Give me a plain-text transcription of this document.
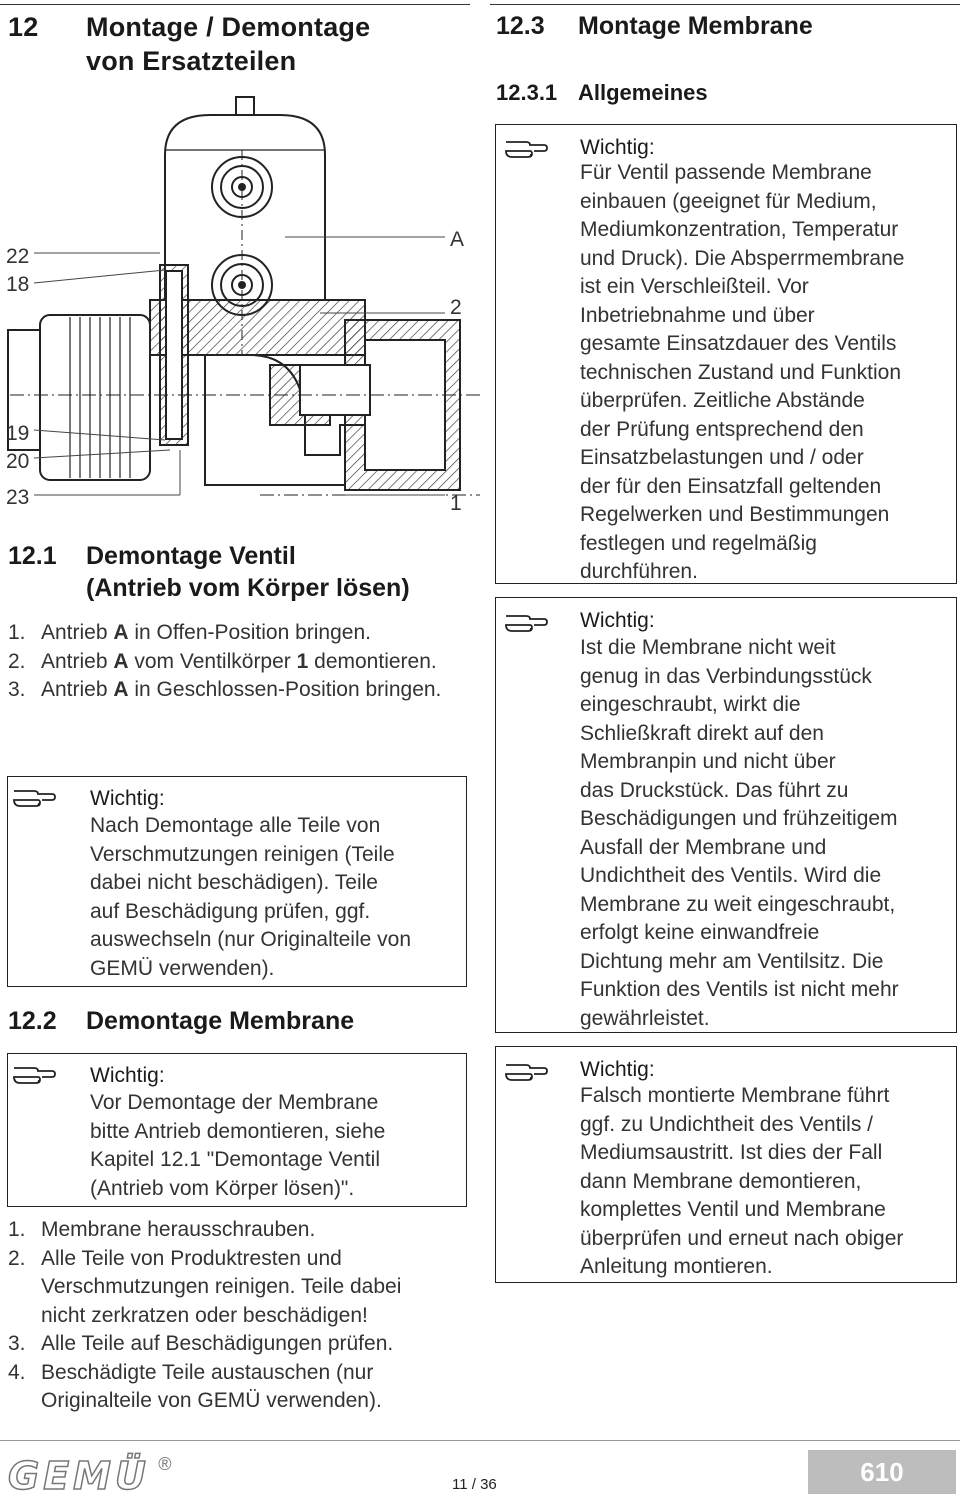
12 Montage / Demontage
von Ersatzteilen
22
18
19
20
23
A
2
1
12.1 Demontage Ventil
(Antrieb vom Körper lösen)
1. Antrieb A in Offen-Position bringen.
2. Antrieb A vom Ventilkörper 1 demontieren.
3. Antrieb A in Geschlossen-Position bringen.
Wichtig:
Nach Demontage alle Teile von
Verschmutzungen reinigen (Teile
dabei nicht beschädigen). Teile
auf Beschädigung prüfen, ggf.
auswechseln (nur Originalteile von
GEMÜ verwenden).
12.2 Demontage Membrane
Wichtig:
Vor Demontage der Membrane
bitte Antrieb demontieren, siehe
Kapitel 12.1 "Demontage Ventil
(Antrieb vom Körper lösen)".
1. Membrane herausschrauben.
2. Alle Teile von Produktresten und
Verschmutzungen reinigen. Teile dabei
nicht zerkratzen oder beschädigen!
3. Alle Teile auf Beschädigungen prüfen.
4. Beschädigte Teile austauschen (nur
Originalteile von GEMÜ verwenden).
12.3 Montage Membrane
12.3.1 Allgemeines
Wichtig:
Für Ventil passende Membrane
einbauen (geeignet für Medium,
Mediumkonzentration, Temperatur
und Druck). Die Absperrmembrane
ist ein Verschleißteil. Vor
Inbetriebnahme und über
gesamte Einsatzdauer des Ventils
technischen Zustand und Funktion
überprüfen. Zeitliche Abstände
der Prüfung entsprechend den
Einsatzbelastungen und / oder
der für den Einsatzfall geltenden
Regelwerken und Bestimmungen
festlegen und regelmäßig
durchführen.
Wichtig:
Ist die Membrane nicht weit
genug in das Verbindungsstück
eingeschraubt, wirkt die
Schließkraft direkt auf den
Membranpin und nicht über
das Druckstück. Das führt zu
Beschädigungen und frühzeitigem
Ausfall der Membrane und
Undichtheit des Ventils. Wird die
Membrane zu weit eingeschraubt,
erfolgt keine einwandfreie
Dichtung mehr am Ventilsitz. Die
Funktion des Ventils ist nicht mehr
gewährleistet.
Wichtig:
Falsch montierte Membrane führt
ggf. zu Undichtheit des Ventils /
Mediumsaustritt. Ist dies der Fall
dann Membrane demontieren,
komplettes Ventil und Membrane
überprüfen und erneut nach obiger
Anleitung montieren.
GEMÜ ®
11 / 36	610
